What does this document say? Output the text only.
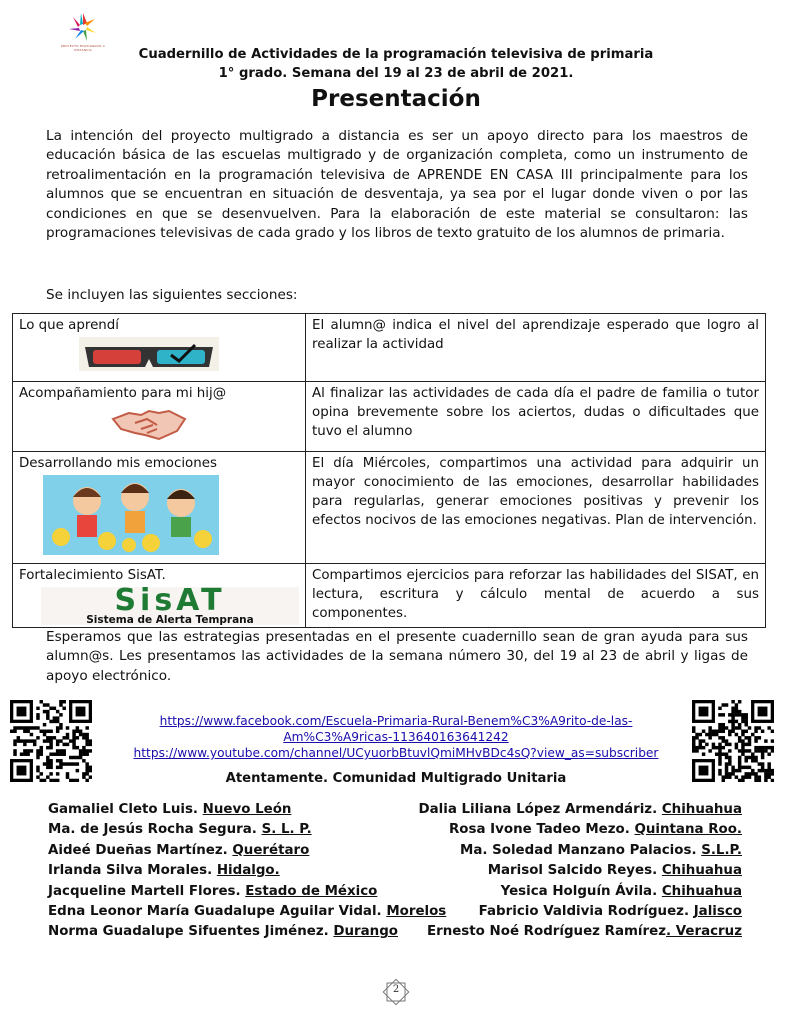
PROYECTO MULTIGRADO A DISTANCIA	Cuadernillo de Actividades de la programación televisiva de primaria
1° grado. Semana del 19 al 23 de abril de 2021.
Presentación
La intención del proyecto multigrado a distancia es ser un apoyo directo para los maestros de educación básica de las escuelas multigrado y de organización completa, como un instrumento de retroalimentación en la programación televisiva de APRENDE EN CASA III principalmente para los alumnos que se encuentran en situación de desventaja, ya sea por el lugar donde viven o por las condiciones en que se desenvuelven. Para la elaboración de este material se consultaron: las programaciones televisivas de cada grado y los libros de texto gratuito de los alumnos de primaria.
Se incluyen las siguientes secciones:
Lo que aprendí	El alumn@ indica el nivel del aprendizaje esperado que logro al realizar la actividad

Acompañamiento para mi hij@	Al finalizar las actividades de cada día el padre de familia o tutor opina brevemente sobre los aciertos, dudas o dificultades que tuvo el alumno

Desarrollando mis emociones	El día Miércoles, compartimos una actividad para adquirir un mayor conocimiento de las emociones, desarrollar habilidades para regularlas, generar emociones positivas y prevenir los efectos nocivos de las emociones negativas. Plan de intervención.

Fortalecimiento SisAT.
SisAT
Sistema de Alerta Temprana	Compartimos ejercicios para reforzar las habilidades del SISAT, en lectura, escritura y cálculo mental de acuerdo a sus componentes.
Esperamos que las estrategias presentadas en el presente cuadernillo sean de gran ayuda para sus alumn@s. Les presentamos las actividades de la semana número 30, del 19 al 23 de abril y ligas de apoyo electrónico.
https://www.facebook.com/Escuela-Primaria-Rural-Benem%C3%A9rito-de-las-
Am%C3%A9ricas-113640163641242
https://www.youtube.com/channel/UCyuorbBtuvlQmiMHvBDc4sQ?view_as=subscriber
Atentamente. Comunidad Multigrado Unitaria
Gamaliel Cleto Luis. Nuevo León
Ma. de Jesús Rocha Segura. S. L. P.
Aideé Dueñas Martínez. Querétaro
Irlanda Silva Morales. Hidalgo.
Jacqueline Martell Flores. Estado de México
Edna Leonor María Guadalupe Aguilar Vidal. Morelos
Norma Guadalupe Sifuentes Jiménez. Durango
Dalia Liliana López Armendáriz. Chihuahua
Rosa Ivone Tadeo Mezo. Quintana Roo.
Ma. Soledad Manzano Palacios. S.L.P.
Marisol Salcido Reyes. Chihuahua
Yesica Holguín Ávila. Chihuahua
Fabricio Valdivia Rodríguez. Jalisco
Ernesto Noé Rodríguez Ramírez. Veracruz
2
